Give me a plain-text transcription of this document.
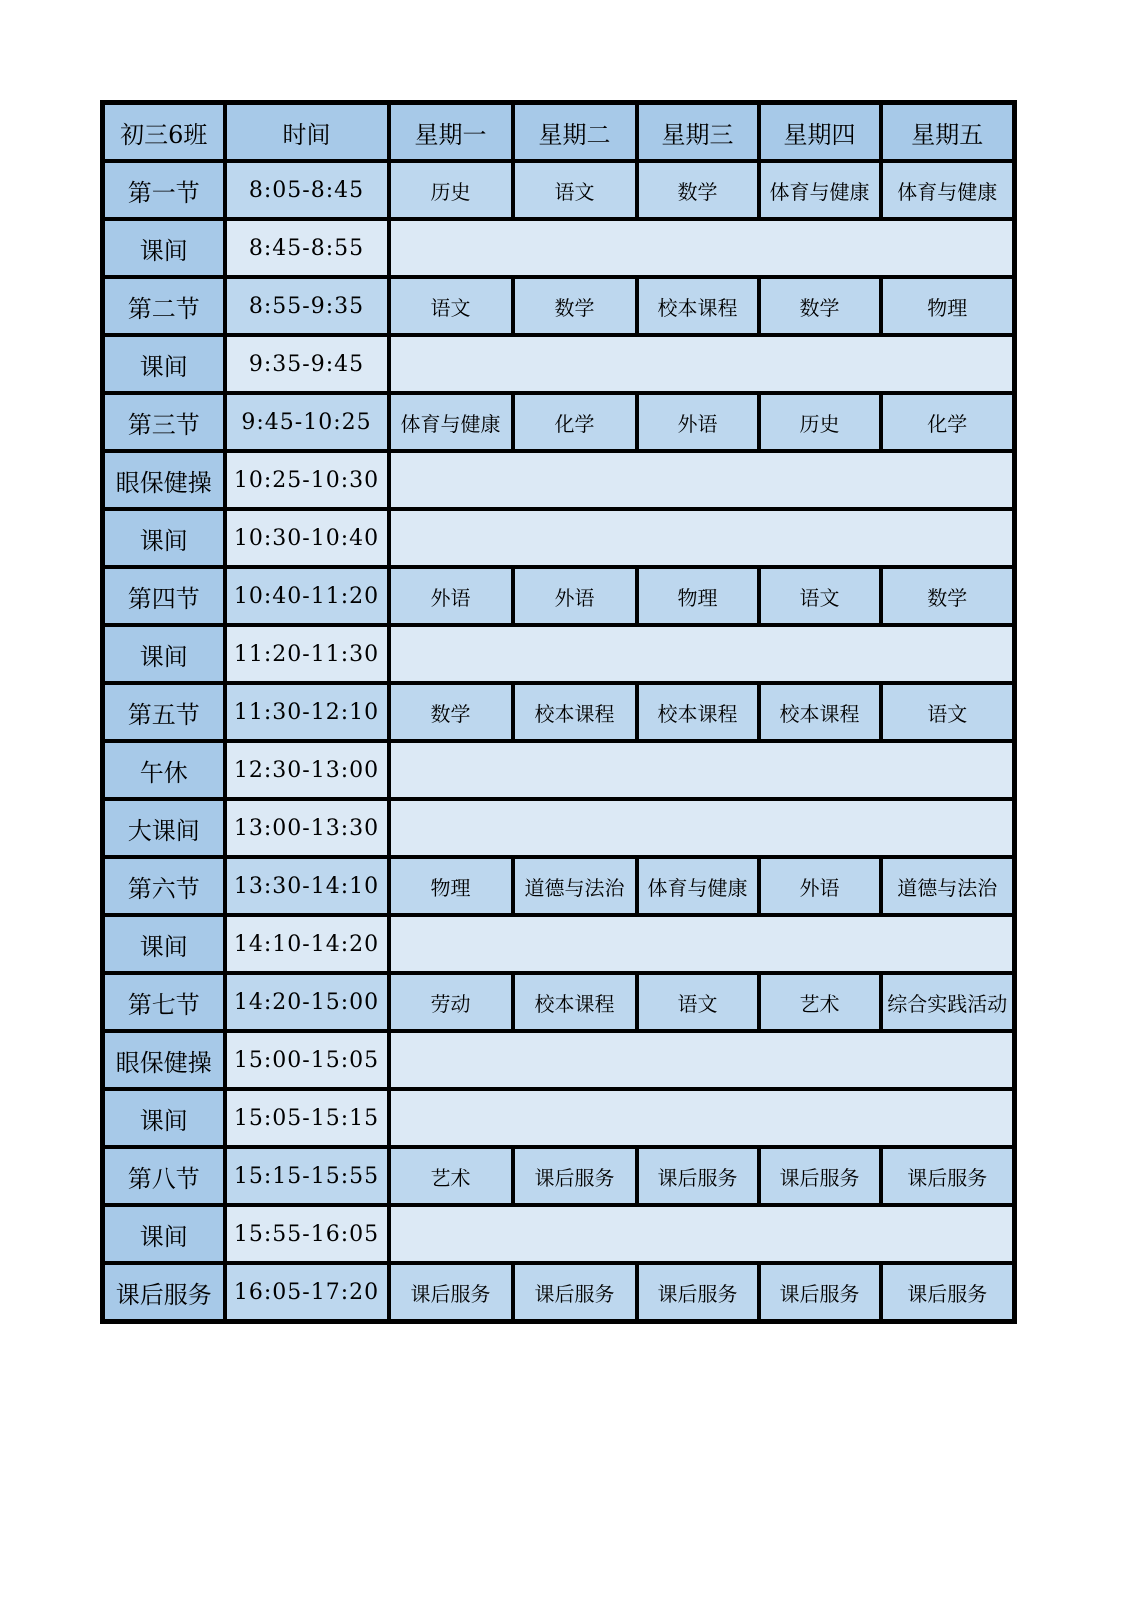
初三6班	时间	星期一	星期二	星期三	星期四	星期五
第一节	8:05-8:45	历史	语文	数学	体育与健康	体育与健康
课间	8:45-8:55					
第二节	8:55-9:35	语文	数学	校本课程	数学	物理
课间	9:35-9:45					
第三节	9:45-10:25	体育与健康	化学	外语	历史	化学
眼保健操	10:25-10:30					
课间	10:30-10:40					
第四节	10:40-11:20	外语	外语	物理	语文	数学
课间	11:20-11:30					
第五节	11:30-12:10	数学	校本课程	校本课程	校本课程	语文
午休	12:30-13:00					
大课间	13:00-13:30					
第六节	13:30-14:10	物理	道德与法治	体育与健康	外语	道德与法治
课间	14:10-14:20					
第七节	14:20-15:00	劳动	校本课程	语文	艺术	综合实践活动
眼保健操	15:00-15:05					
课间	15:05-15:15					
第八节	15:15-15:55	艺术	课后服务	课后服务	课后服务	课后服务
课间	15:55-16:05					
课后服务	16:05-17:20	课后服务	课后服务	课后服务	课后服务	课后服务
